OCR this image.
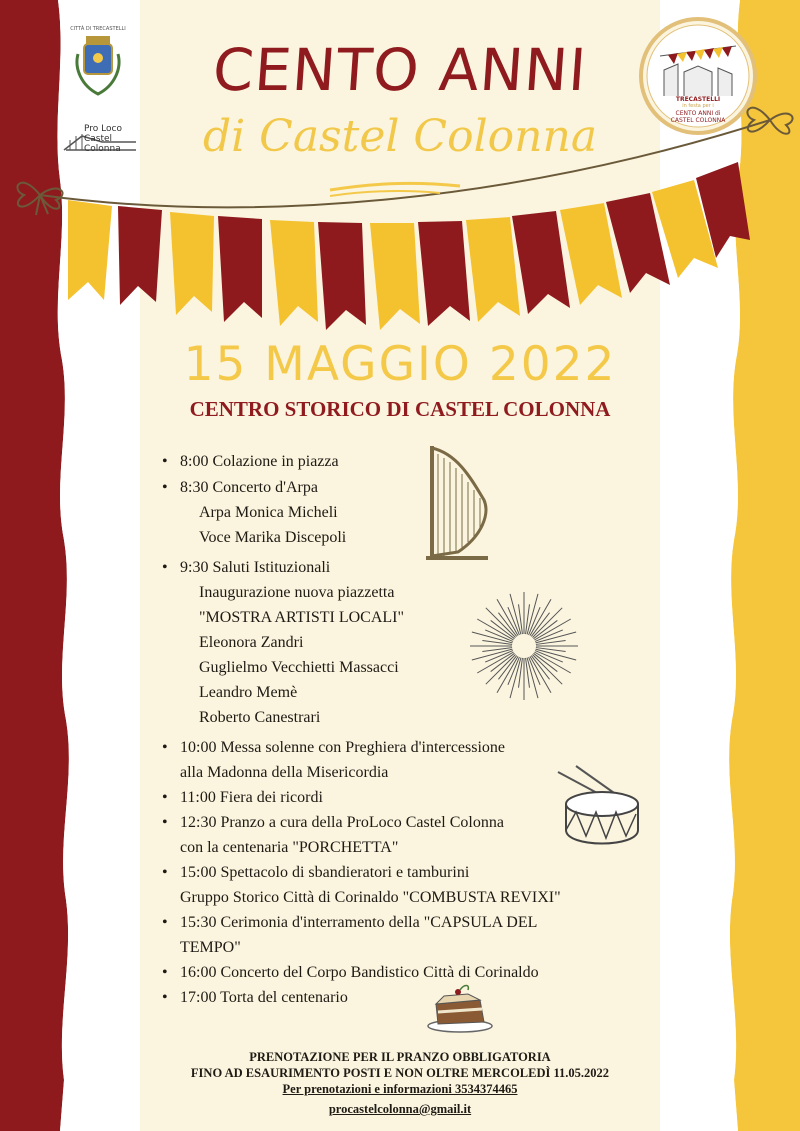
Pro Loco Castel Colonna
CITTÀ DI TRECASTELLI
TRECASTELLI
in festa per i
CENTO ANNI di
CASTEL COLONNA
CENTO ANNI
di Castel Colonna
15 MAGGIO 2022
CENTRO STORICO DI CASTEL COLONNA
• 8:00 Colazione in piazza
• 8:30 Concerto d'Arpa
Arpa Monica Micheli
Voce Marika Discepoli
• 9:30 Saluti Istituzionali
Inaugurazione nuova piazzetta
"MOSTRA ARTISTI LOCALI"
Eleonora Zandri
Guglielmo Vecchietti Massacci
Leandro Memè
Roberto Canestrari
• 10:00 Messa solenne con Preghiera d'intercessione
alla Madonna della Misericordia
• 11:00 Fiera dei ricordi
• 12:30 Pranzo a cura della ProLoco Castel Colonna
con la centenaria "PORCHETTA"
• 15:00 Spettacolo di sbandieratori e tamburini
Gruppo Storico Città di Corinaldo "COMBUSTA REVIXI"
• 15:30 Cerimonia d'interramento della "CAPSULA DEL
TEMPO"
• 16:00 Concerto del Corpo Bandistico Città di Corinaldo
• 17:00 Torta del centenario
PRENOTAZIONE PER IL PRANZO OBBLIGATORIA
FINO AD ESAURIMENTO POSTI E NON OLTRE MERCOLEDÌ 11.05.2022
Per prenotazioni e informazioni 3534374465
procastelcolonna@gmail.it
